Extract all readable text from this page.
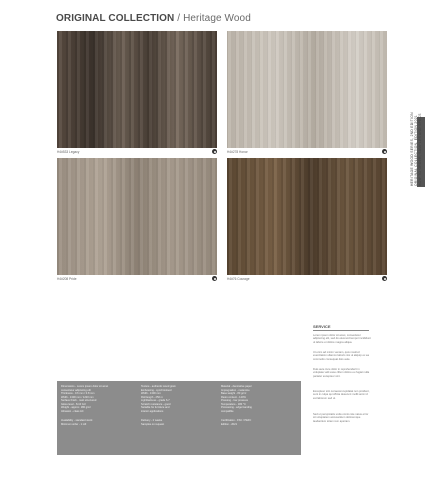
ORIGINAL COLLECTION / Heritage Wood
H4#533 Legacy	H4#278 Honor
H4#208 Pride	H4#76 Courage
HERITAGE WOOD SERIES, 2ND EDITION ORIGINAL COLLECTION, EDITION 2021 HOW TO ORDER, SAMPLES AND SPECS
SERVICE
Lorem ipsum dolor sit amet, consectetur adipiscing elit, sed do eiusmod tempor incididunt ut labore et dolore magna aliqua.
Ut enim ad minim veniam, quis nostrud exercitation ullamco laboris nisi ut aliquip ex ea commodo consequat duis aute.
Duis aute irure dolor in reprehenderit in voluptate velit esse cillum dolore eu fugiat nulla pariatur excepteur sint.
Excepteur sint occaecat cupidatat non proident, sunt in culpa qui officia deserunt mollit anim id est laborum sed ut.
Sed ut perspiciatis unde omnis iste natus error sit voluptatem accusantium doloremque laudantium totam rem aperiam.
Dimensions - Lorem ipsum dolor sit amet
consectetur adipiscing elit
Thickness - 0.6 mm / 0.8 mm
Width - 1300 mm / 1220 mm
Surface finish - matt structured
Gloss level - 8-10 GU
Weight - approx. 180 g/m²
Abrasion - class AC
Availability - standard stock
Minimum order - 1 roll
Texture - authentic wood grain
Embossing - synchronised
Width - 1300 mm
Roll length - 250 m
Lightfastness - grade 6-7
Scratch resistance - good
Suitable for furniture and
interior applications
Delivery - 2 weeks
Samples on request
Material - decorative paper
Impregnation - melamine
Base weight - 80 g/m²
Resin content - 120%
Pressing - low pressure
Temperature - 180 °C
Processing - edge banding
compatible
Certification - FSC / PEFC
Edition - 2021
